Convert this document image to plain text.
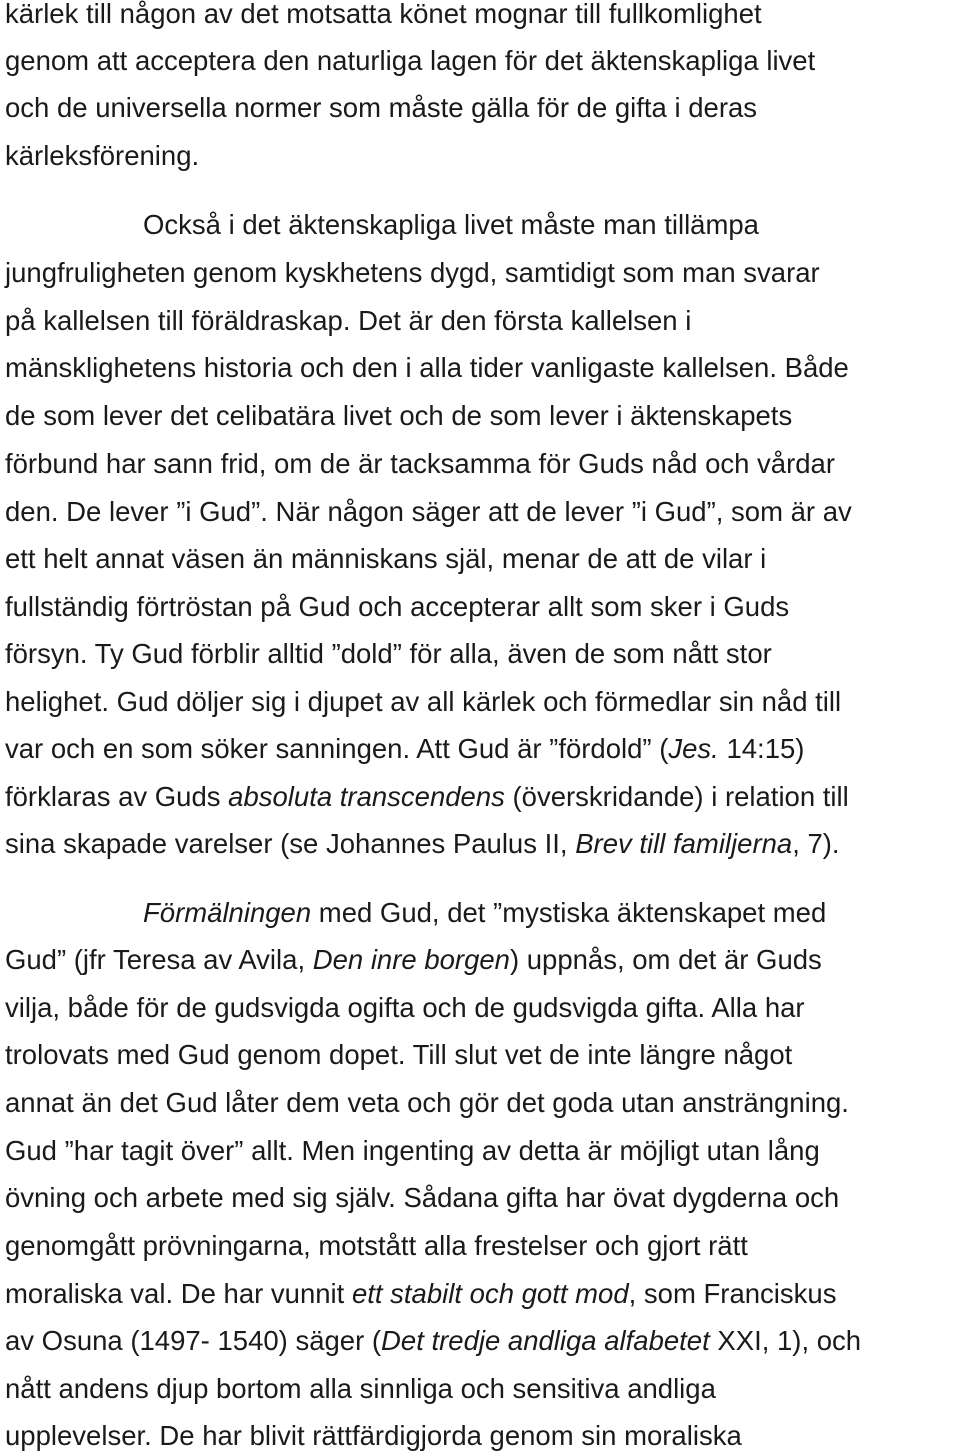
kärlek till någon av det motsatta könet mognar till fullkomlighet
genom att acceptera den naturliga lagen för det äktenskapliga livet
och de universella normer som måste gälla för de gifta i deras
kärleksförening.
Också i det äktenskapliga livet måste man tillämpa
jungfruligheten genom kyskhetens dygd, samtidigt som man svarar
på kallelsen till föräldraskap. Det är den första kallelsen i
mänsklighetens historia och den i alla tider vanligaste kallelsen. Både
de som lever det celibatära livet och de som lever i äktenskapets
förbund har sann frid, om de är tacksamma för Guds nåd och vårdar
den. De lever ”i Gud”. När någon säger att de lever ”i Gud”, som är av
ett helt annat väsen än människans själ, menar de att de vilar i
fullständig förtröstan på Gud och accepterar allt som sker i Guds
försyn. Ty Gud förblir alltid ”dold” för alla, även de som nått stor
helighet. Gud döljer sig i djupet av all kärlek och förmedlar sin nåd till
var och en som söker sanningen. Att Gud är ”fördold” (Jes. 14:15)
förklaras av Guds absoluta transcendens (överskridande) i relation till
sina skapade varelser (se Johannes Paulus II, Brev till familjerna, 7).
Förmälningen med Gud, det ”mystiska äktenskapet med
Gud” (jfr Teresa av Avila, Den inre borgen) uppnås, om det är Guds
vilja, både för de gudsvigda ogifta och de gudsvigda gifta. Alla har
trolovats med Gud genom dopet. Till slut vet de inte längre något
annat än det Gud låter dem veta och gör det goda utan ansträngning.
Gud ”har tagit över” allt. Men ingenting av detta är möjligt utan lång
övning och arbete med sig själv. Sådana gifta har övat dygderna och
genomgått prövningarna, motstått alla frestelser och gjort rätt
moraliska val. De har vunnit ett stabilt och gott mod, som Franciskus
av Osuna (1497- 1540) säger (Det tredje andliga alfabetet XXI, 1), och
nått andens djup bortom alla sinnliga och sensitiva andliga
upplevelser. De har blivit rättfärdigjorda genom sin moraliska
